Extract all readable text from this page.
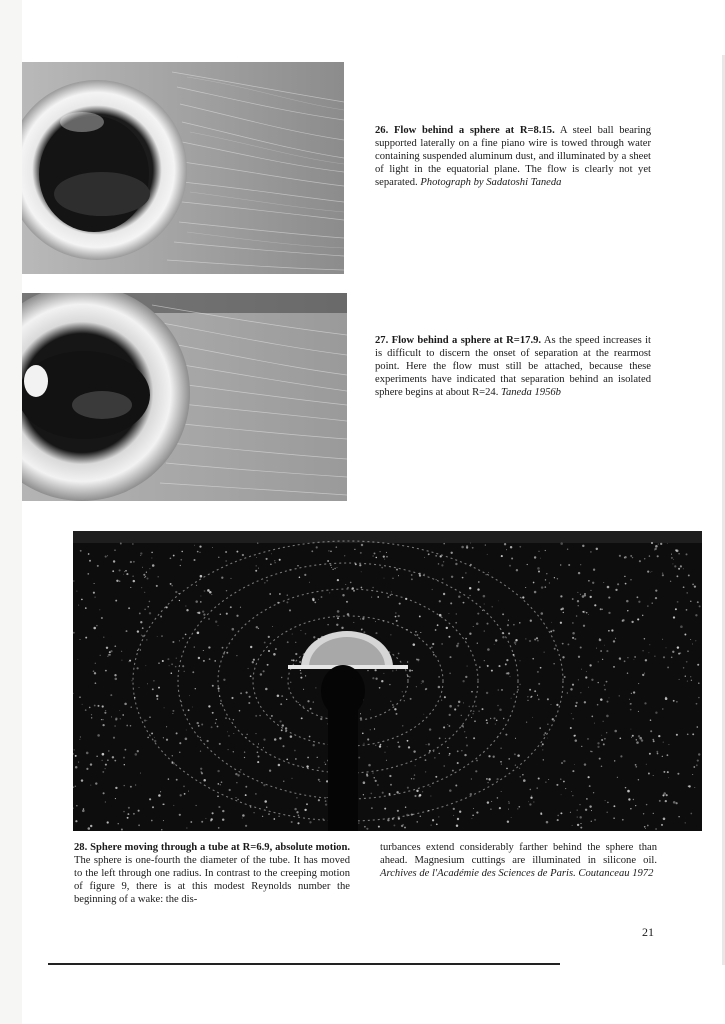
26. Flow behind a sphere at R=8.15. A steel ball bearing supported laterally on a fine piano wire is towed through water containing suspended aluminum dust, and illuminated by a sheet of light in the equatorial plane. The flow is clearly not yet separated. Photograph by Sadatoshi Taneda
27. Flow behind a sphere at R=17.9. As the speed increases it is difficult to discern the onset of separation at the rearmost point. Here the flow must still be attached, because these experiments have indicated that separation behind an isolated sphere begins at about R=24. Taneda 1956b
28. Sphere moving through a tube at R=6.9, absolute motion. The sphere is one-fourth the diameter of the tube. It has moved to the left through one radius. In contrast to the creeping motion of figure 9, there is at this modest Reynolds number the beginning of a wake: the dis-
turbances extend considerably farther behind the sphere than ahead. Magnesium cuttings are illuminated in silicone oil. Archives de l'Académie des Sciences de Paris. Coutanceau 1972
21
